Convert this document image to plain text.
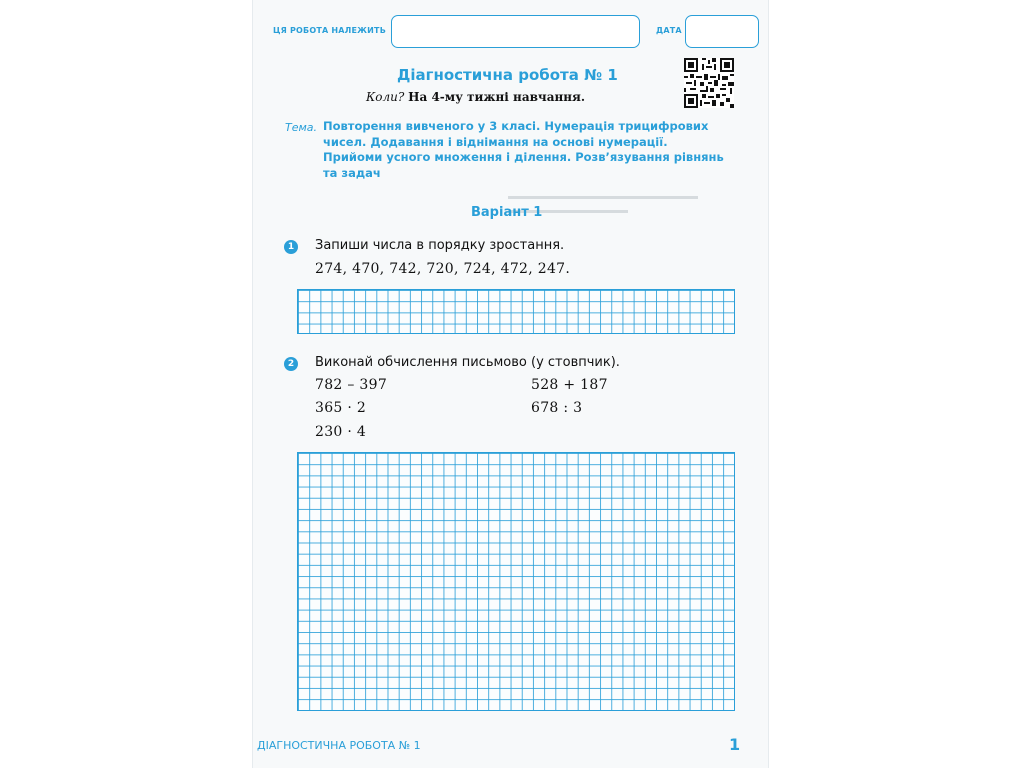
ЦЯ РОБОТА НАЛЕЖИТЬ	ДАТА
Діагностична робота № 1
Коли? На 4-му тижні навчання.
Тема. Повторення вивченого у 3 класі. Нумерація трицифрових
чисел. Додавання і віднімання на основі нумерації.
Прийоми усного множення і ділення. Розв’язування рівнянь
та задач
Варіант 1
1 Запиши числа в порядку зростання.
274, 470, 742, 720, 724, 472, 247.
2 Виконай обчислення письмово (у стовпчик).
782 – 397
365 · 2
230 · 4
528 + 187
678 : 3
ДІАГНОСТИЧНА РОБОТА № 1	1
